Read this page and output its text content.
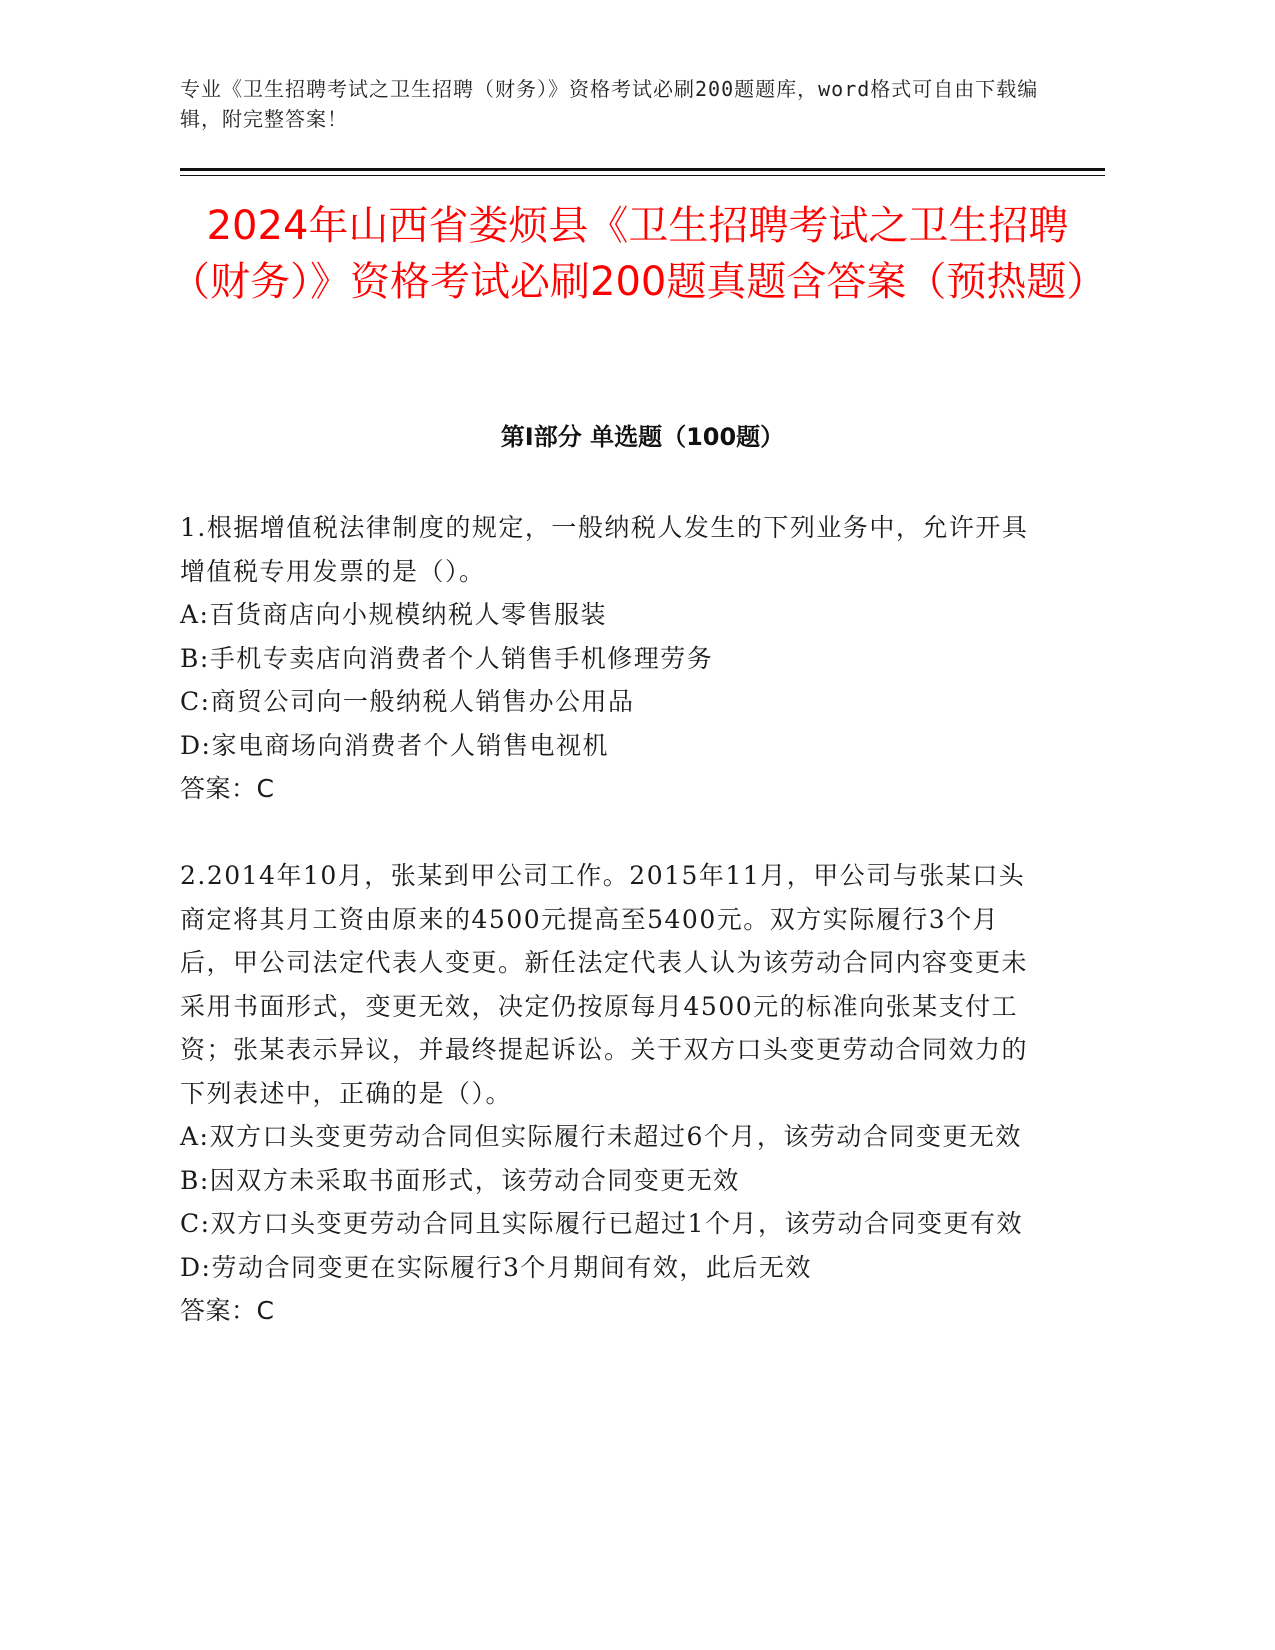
专业《卫生招聘考试之卫生招聘（财务）》资格考试必刷200题题库，word格式可自由下载编辑，附完整答案！
2024年山西省娄烦县《卫生招聘考试之卫生招聘（财务）》资格考试必刷200题真题含答案（预热题）
第I部分 单选题（100题）

1.根据增值税法律制度的规定，一般纳税人发生的下列业务中，允许开具增值税专用发票的是（）。

A:百货商店向小规模纳税人零售服装

B:手机专卖店向消费者个人销售手机修理劳务

C:商贸公司向一般纳税人销售办公用品

D:家电商场向消费者个人销售电视机

答案：C

2.2014年10月，张某到甲公司工作。2015年11月，甲公司与张某口头商定将其月工资由原来的4500元提高至5400元。双方实际履行3个月后，甲公司法定代表人变更。新任法定代表人认为该劳动合同内容变更未采用书面形式，变更无效，决定仍按原每月4500元的标准向张某支付工资；张某表示异议，并最终提起诉讼。关于双方口头变更劳动合同效力的下列表述中，正确的是（）。

A:双方口头变更劳动合同但实际履行未超过6个月，该劳动合同变更无效

B:因双方未采取书面形式，该劳动合同变更无效

C:双方口头变更劳动合同且实际履行已超过1个月，该劳动合同变更有效

D:劳动合同变更在实际履行3个月期间有效，此后无效

答案：C
